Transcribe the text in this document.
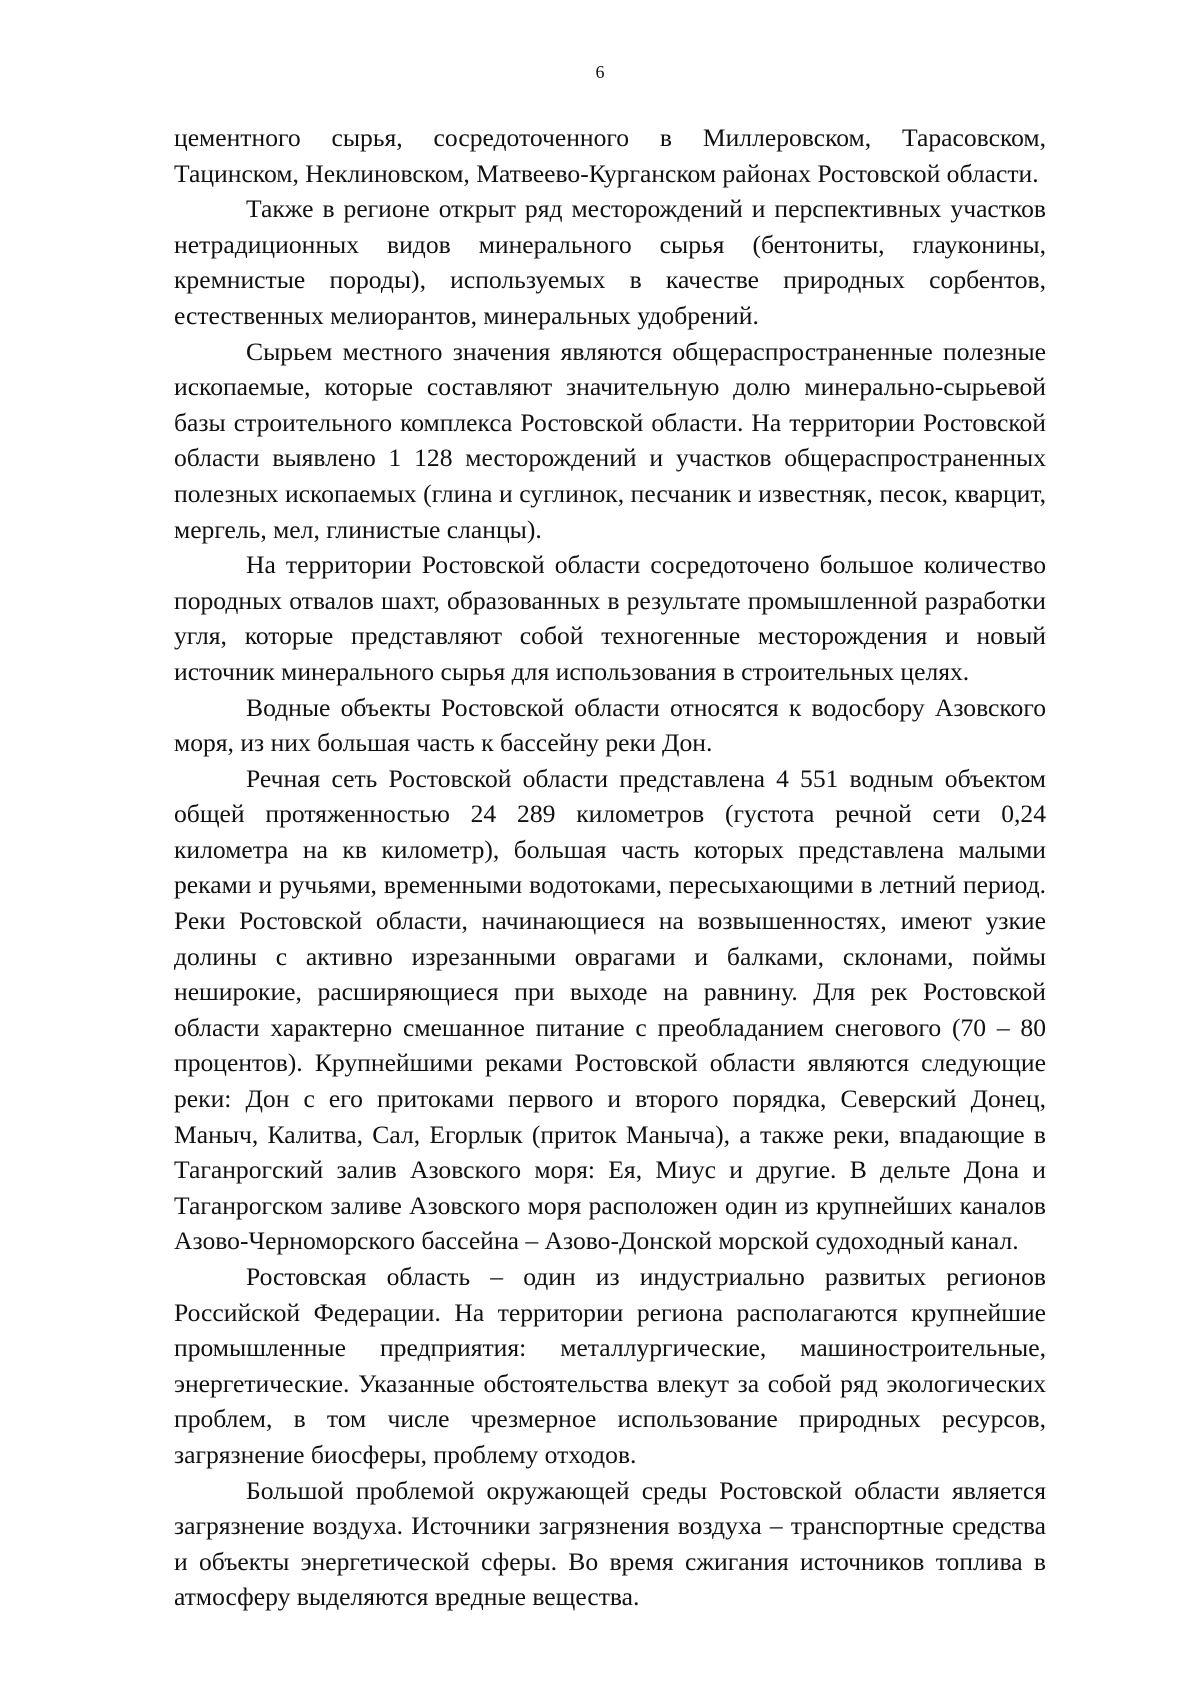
6

цементного сырья, сосредоточенного в Миллеровском, Тарасовском, Тацинском, Неклиновском, Матвеево-Курганском районах Ростовской области.

Также в регионе открыт ряд месторождений и перспективных участков нетрадиционных видов минерального сырья (бентониты, глауконины, кремнистые породы), используемых в качестве природных сорбентов, естественных мелиорантов, минеральных удобрений.

Сырьем местного значения являются общераспространенные полезные ископаемые, которые составляют значительную долю минерально-сырьевой базы строительного комплекса Ростовской области. На территории Ростовской области выявлено 1 128 месторождений и участков общераспространенных полезных ископаемых (глина и суглинок, песчаник и известняк, песок, кварцит, мергель, мел, глинистые сланцы).

На территории Ростовской области сосредоточено большое количество породных отвалов шахт, образованных в результате промышленной разработки угля, которые представляют собой техногенные месторождения и новый источник минерального сырья для использования в строительных целях.

Водные объекты Ростовской области относятся к водосбору Азовского моря, из них большая часть к бассейну реки Дон.

Речная сеть Ростовской области представлена 4 551 водным объектом общей протяженностью 24 289 километров (густота речной сети 0,24 километра на кв километр), большая часть которых представлена малыми реками и ручьями, временными водотоками, пересыхающими в летний период. Реки Ростовской области, начинающиеся на возвышенностях, имеют узкие долины с активно изрезанными оврагами и балками, склонами, поймы неширокие, расширяющиеся при выходе на равнину. Для рек Ростовской области характерно смешанное питание с преобладанием снегового (70 – 80 процентов). Крупнейшими реками Ростовской области являются следующие реки: Дон с его притоками первого и второго порядка, Северский Донец, Маныч, Калитва, Сал, Егорлык (приток Маныча), а также реки, впадающие в Таганрогский залив Азовского моря: Ея, Миус и другие. В дельте Дона и Таганрогском заливе Азовского моря расположен один из крупнейших каналов Азово-Черноморского бассейна – Азово-Донской морской судоходный канал.

Ростовская область – один из индустриально развитых регионов Российской Федерации. На территории региона располагаются крупнейшие промышленные предприятия: металлургические, машиностроительные, энергетические. Указанные обстоятельства влекут за собой ряд экологических проблем, в том числе чрезмерное использование природных ресурсов, загрязнение биосферы, проблему отходов.

Большой проблемой окружающей среды Ростовской области является загрязнение воздуха. Источники загрязнения воздуха – транспортные средства и объекты энергетической сферы. Во время сжигания источников топлива в атмосферу выделяются вредные вещества.
